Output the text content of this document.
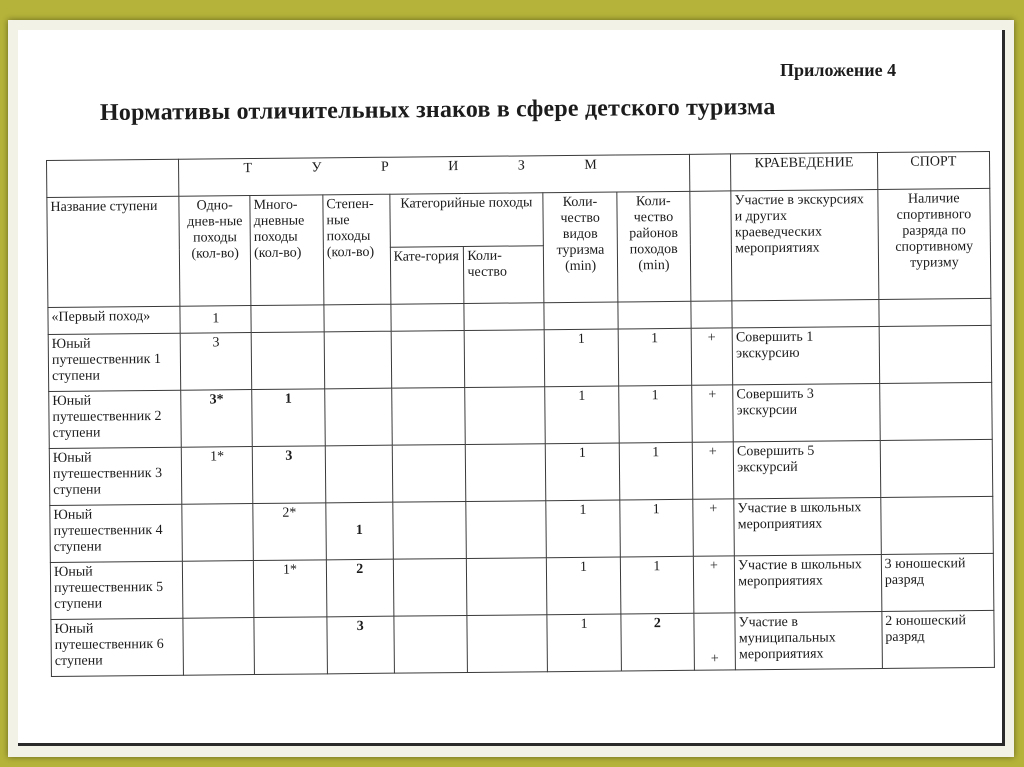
Приложение 4
Нормативы отличительных знаков в сфере детского туризма
	Т У Р И З М								КРАЕВЕДЕНИЕ	СПОРТ
Название ступени	Одно-днев-ные походы (кол-во)	Много-дневные походы (кол-во)	Степен-ные походы (кол-во)	Категорийные походы		Коли-чество видов туризма (min)	Коли-чество районов походов (min)		Участие в экскурсиях и других краеведческих мероприятиях	Наличие спортивного разряда по спортивному туризму
				Кате-гория	Коли-чество					
«Первый поход»	1									
Юный путешественник 1 ступени	3					1	1	+	Совершить 1 экскурсию	
Юный путешественник 2 ступени	3*	1				1	1	+	Совершить 3 экскурсии	
Юный путешественник 3 ступени	1*	3				1	1	+	Совершить 5 экскурсий	
Юный путешественник 4 ступени		2*	1			1	1	+	Участие в школьных мероприятиях	
Юный путешественник 5 ступени		1*	2			1	1	+	Участие в школьных мероприятиях	3 юношеский разряд
Юный путешественник 6 ступени			3			1	2	+	Участие в муниципальных мероприятиях	2 юношеский разряд
